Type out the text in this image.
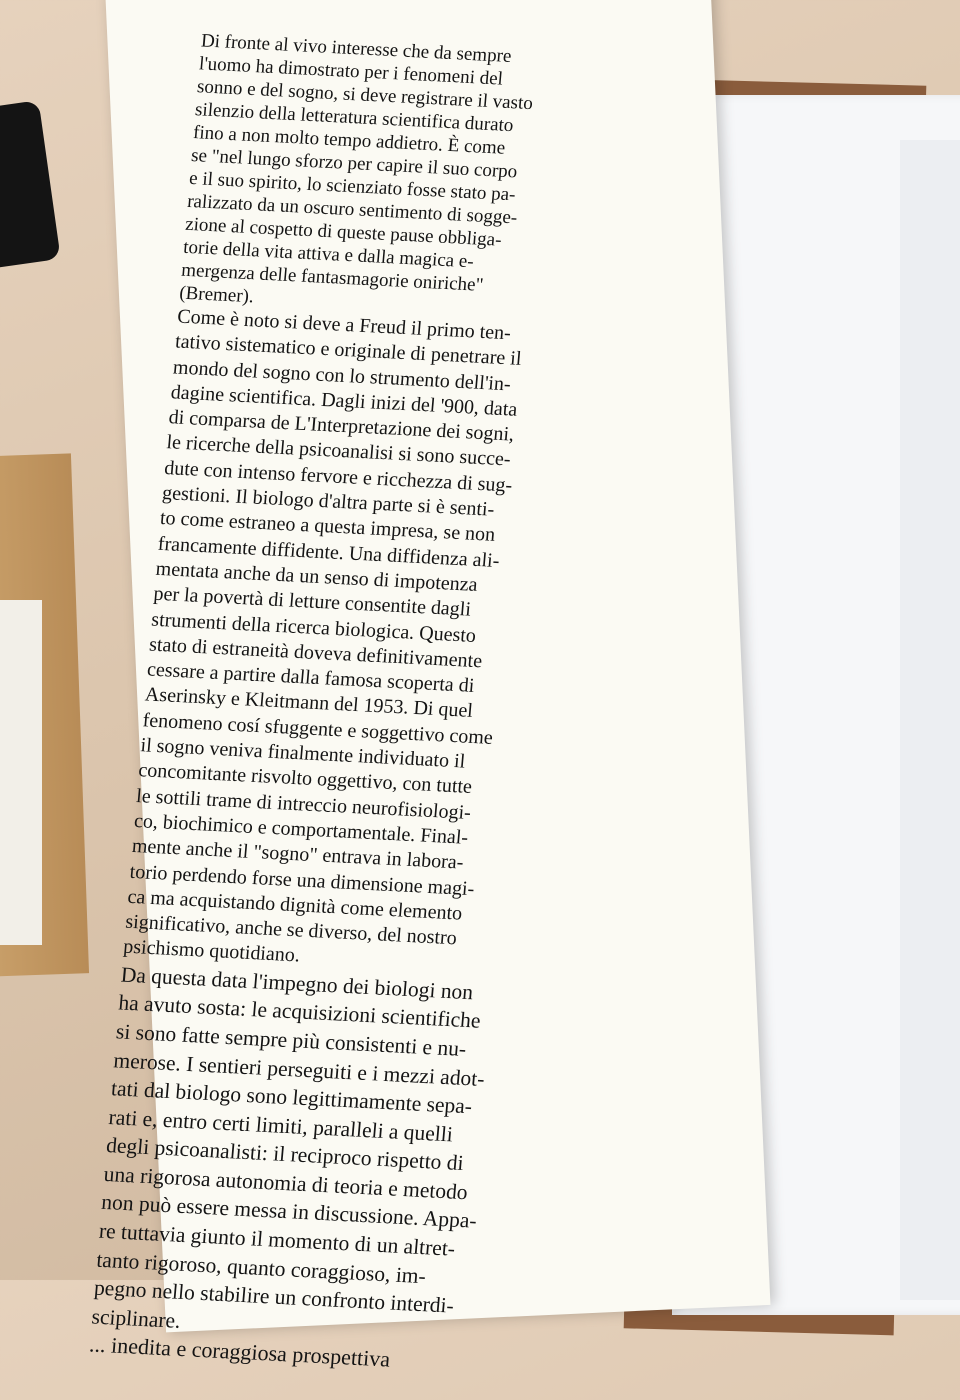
Di fronte al vivo interesse che da sempre
l'uomo ha dimostrato per i fenomeni del
sonno e del sogno, si deve registrare il vasto
silenzio della letteratura scientifica durato
fino a non molto tempo addietro. È come
se "nel lungo sforzo per capire il suo corpo
e il suo spirito, lo scienziato fosse stato pa-
ralizzato da un oscuro sentimento di sogge-
zione al cospetto di queste pause obbliga-
torie della vita attiva e dalla magica e-
mergenza delle fantasmagorie oniriche"
(Bremer).

Come è noto si deve a Freud il primo ten-
tativo sistematico e originale di penetrare il
mondo del sogno con lo strumento dell'in-
dagine scientifica. Dagli inizi del '900, data
di comparsa de L'Interpretazione dei sogni,
le ricerche della psicoanalisi si sono succe-
dute con intenso fervore e ricchezza di sug-
gestioni. Il biologo d'altra parte si è senti-
to come estraneo a questa impresa, se non
francamente diffidente. Una diffidenza ali-
mentata anche da un senso di impotenza
per la povertà di letture consentite dagli
strumenti della ricerca biologica. Questo
stato di estraneità doveva definitivamente
cessare a partire dalla famosa scoperta di
Aserinsky e Kleitmann del 1953. Di quel
fenomeno cosí sfuggente e soggettivo come
il sogno veniva finalmente individuato il
concomitante risvolto oggettivo, con tutte
le sottili trame di intreccio neurofisiologi-
co, biochimico e comportamentale. Final-
mente anche il "sogno" entrava in labora-
torio perdendo forse una dimensione magi-
ca ma acquistando dignità come elemento
significativo, anche se diverso, del nostro
psichismo quotidiano.

Da questa data l'impegno dei biologi non
ha avuto sosta: le acquisizioni scientifiche
si sono fatte sempre più consistenti e nu-
merose. I sentieri perseguiti e i mezzi adot-
tati dal biologo sono legittimamente sepa-
rati e, entro certi limiti, paralleli a quelli
degli psicoanalisti: il reciproco rispetto di
una rigorosa autonomia di teoria e metodo
non può essere messa in discussione. Appa-
re tuttavia giunto il momento di un altret-
tanto rigoroso, quanto coraggioso, im-
pegno nello stabilire un confronto interdi-
sciplinare.

... inedita e coraggiosa prospettiva
